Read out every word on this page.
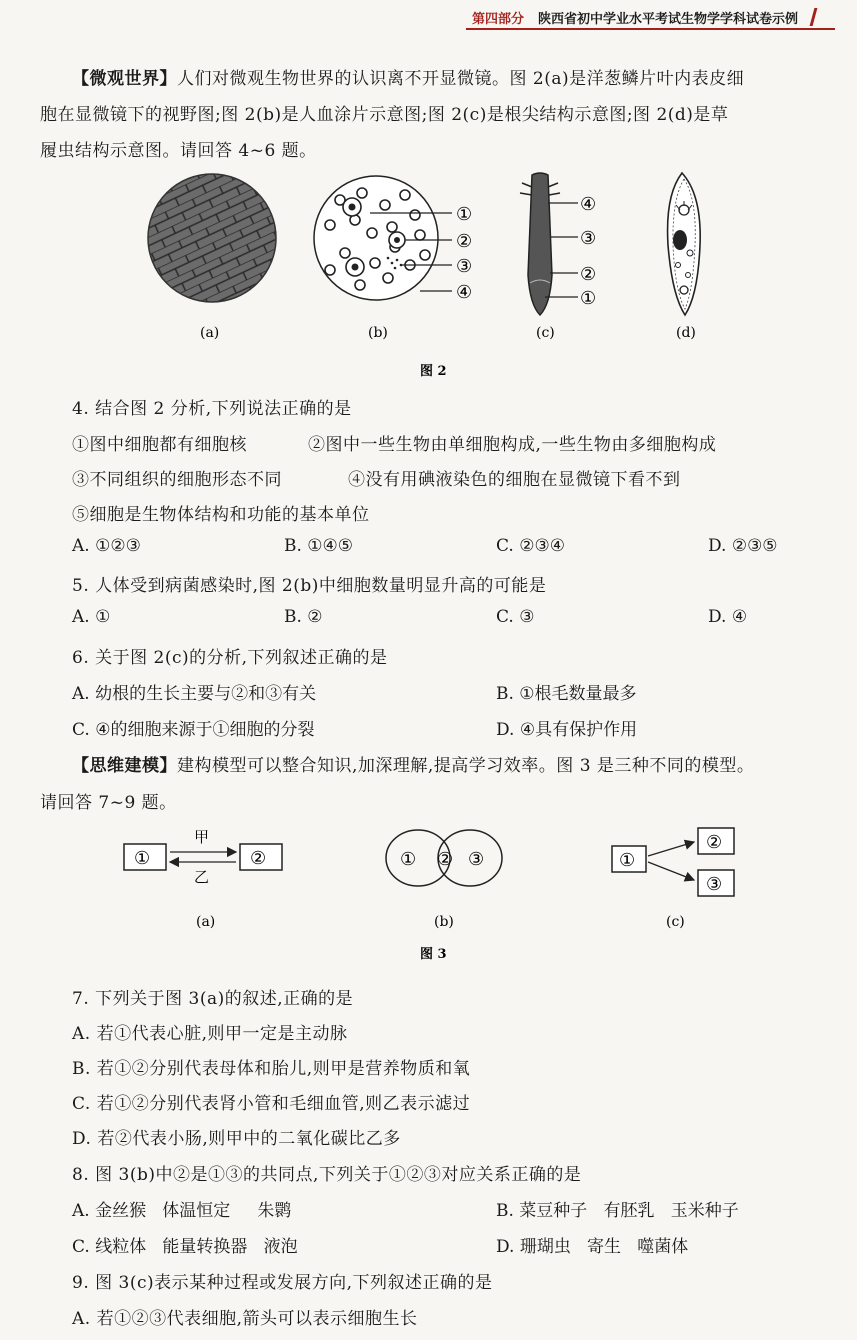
第四部分 陕西省初中学业水平考试生物学学科试卷示例
【微观世界】人们对微观生物世界的认识离不开显微镜。图 2(a)是洋葱鳞片叶内表皮细
胞在显微镜下的视野图;图 2(b)是人血涂片示意图;图 2(c)是根尖结构示意图;图 2(d)是草
履虫结构示意图。请回答 4~6 题。
①
②
③
④
④
③
②
①
(a)	(b)	(c)	(d)
图 2
4. 结合图 2 分析,下列说法正确的是
①图中细胞都有细胞核	②图中一些生物由单细胞构成,一些生物由多细胞构成
③不同组织的细胞形态不同	④没有用碘液染色的细胞在显微镜下看不到
⑤细胞是生物体结构和功能的基本单位
A. ①②③	B. ①④⑤	C. ②③④	D. ②③⑤
5. 人体受到病菌感染时,图 2(b)中细胞数量明显升高的可能是
A. ①	B. ②	C. ③	D. ④
6. 关于图 2(c)的分析,下列叙述正确的是
A. 幼根的生长主要与②和③有关	B. ①根毛数量最多
C. ④的细胞来源于①细胞的分裂	D. ④具有保护作用
【思维建模】建构模型可以整合知识,加深理解,提高学习效率。图 3 是三种不同的模型。
请回答 7~9 题。
①	②
甲
乙
① ② ③	①
②
③
(a)	(b)	(c)
图 3
7. 下列关于图 3(a)的叙述,正确的是
A. 若①代表心脏,则甲一定是主动脉
B. 若①②分别代表母体和胎儿,则甲是营养物质和氧
C. 若①②分别代表肾小管和毛细血管,则乙表示滤过
D. 若②代表小肠,则甲中的二氧化碳比乙多
8. 图 3(b)中②是①③的共同点,下列关于①②③对应关系正确的是
A. 金丝猴   体温恒定     朱鹮	B. 菜豆种子   有胚乳   玉米种子
C. 线粒体   能量转换器   液泡	D. 珊瑚虫   寄生   噬菌体
9. 图 3(c)表示某种过程或发展方向,下列叙述正确的是
A. 若①②③代表细胞,箭头可以表示细胞生长
